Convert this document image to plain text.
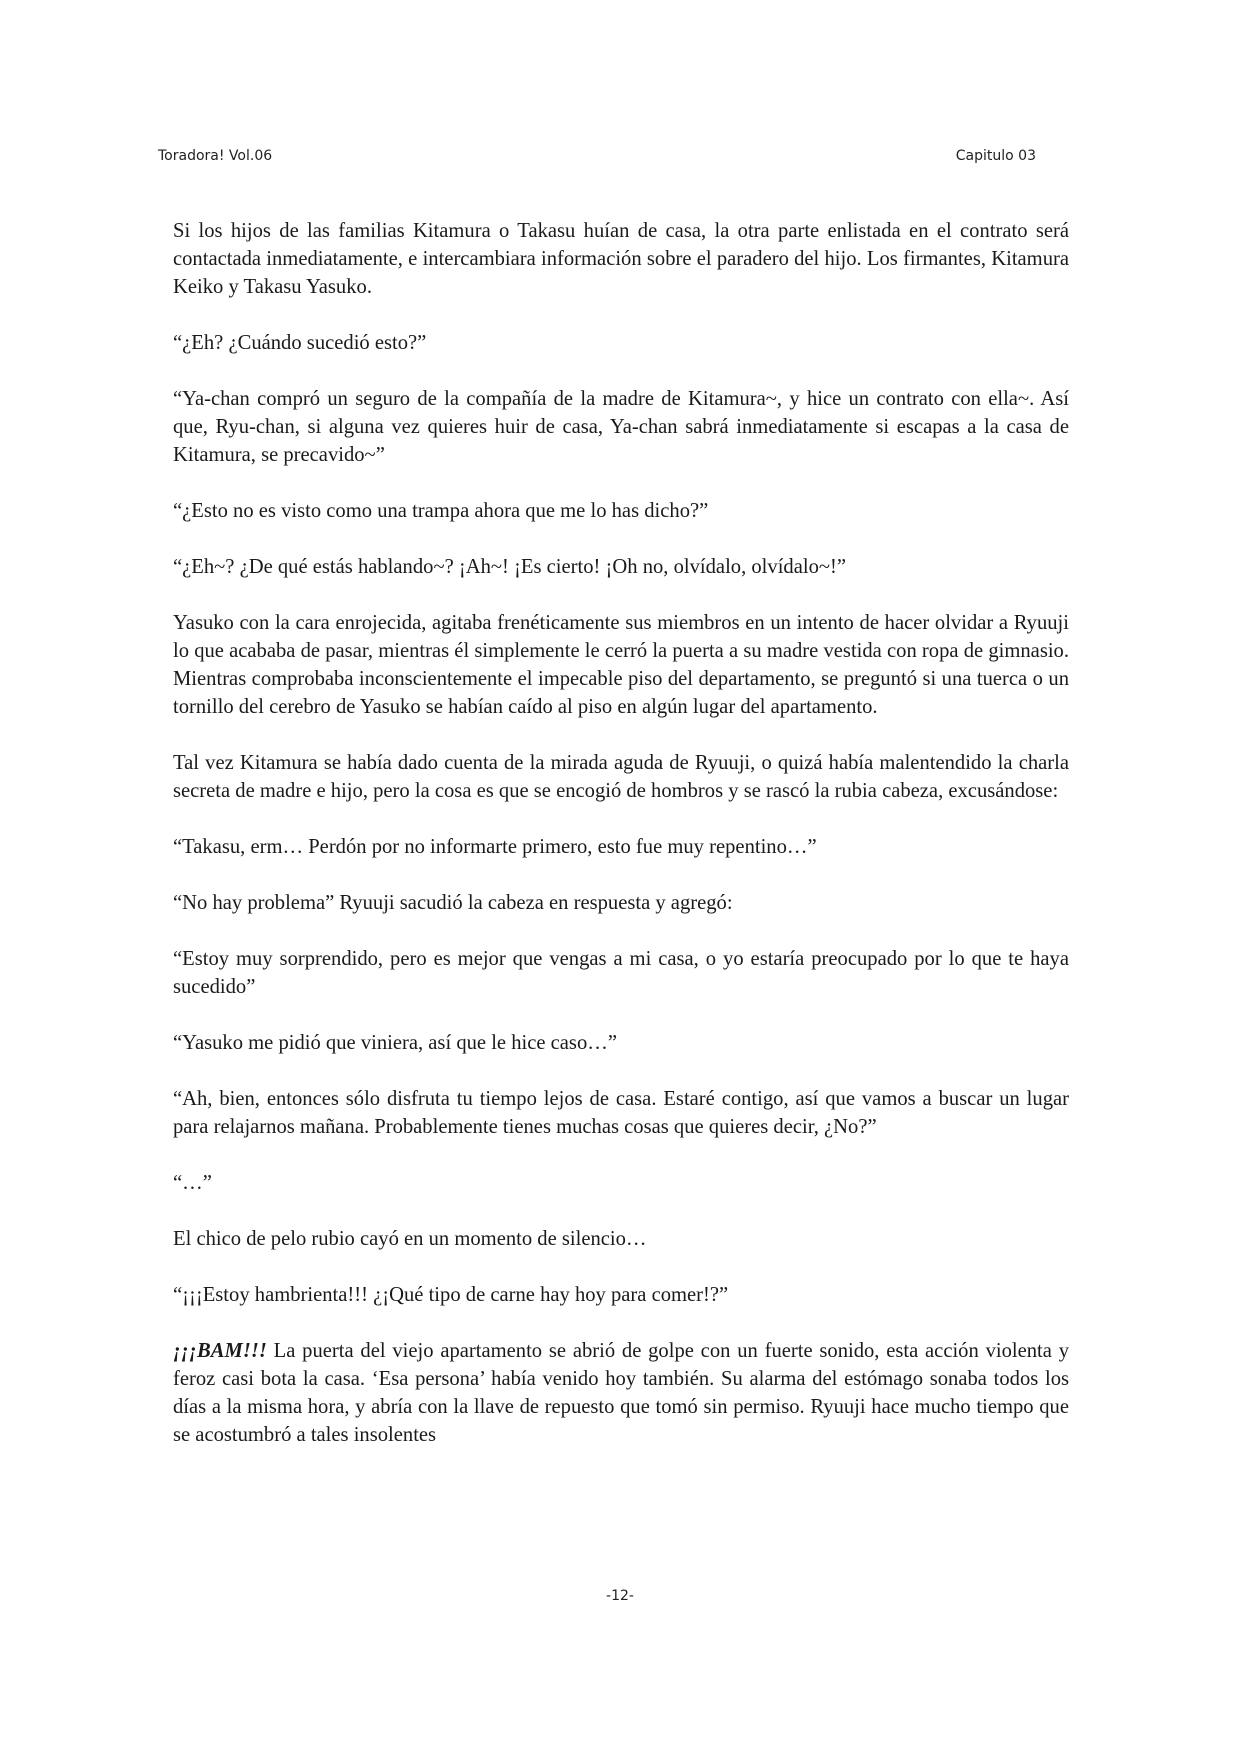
Toradora! Vol.06	Capitulo 03

Si los hijos de las familias Kitamura o Takasu huían de casa, la otra parte enlistada en el contrato será contactada inmediatamente, e intercambiara información sobre el paradero del hijo. Los firmantes, Kitamura Keiko y Takasu Yasuko.

“¿Eh? ¿Cuándo sucedió esto?”

“Ya-chan compró un seguro de la compañía de la madre de Kitamura~, y hice un contrato con ella~. Así que, Ryu-chan, si alguna vez quieres huir de casa, Ya-chan sabrá inmediatamente si escapas a la casa de Kitamura, se precavido~”

“¿Esto no es visto como una trampa ahora que me lo has dicho?”

“¿Eh~? ¿De qué estás hablando~? ¡Ah~! ¡Es cierto! ¡Oh no, olvídalo, olvídalo~!”

Yasuko con la cara enrojecida, agitaba frenéticamente sus miembros en un intento de hacer olvidar a Ryuuji lo que acababa de pasar, mientras él simplemente le cerró la puerta a su madre vestida con ropa de gimnasio. Mientras comprobaba inconscientemente el impecable piso del departamento, se preguntó si una tuerca o un tornillo del cerebro de Yasuko se habían caído al piso en algún lugar del apartamento.

Tal vez Kitamura se había dado cuenta de la mirada aguda de Ryuuji, o quizá había malentendido la charla secreta de madre e hijo, pero la cosa es que se encogió de hombros y se rascó la rubia cabeza, excusándose:

“Takasu, erm… Perdón por no informarte primero, esto fue muy repentino…”

“No hay problema” Ryuuji sacudió la cabeza en respuesta y agregó:

“Estoy muy sorprendido, pero es mejor que vengas a mi casa, o yo estaría preocupado por lo que te haya sucedido”

“Yasuko me pidió que viniera, así que le hice caso…”

“Ah, bien, entonces sólo disfruta tu tiempo lejos de casa. Estaré contigo, así que vamos a buscar un lugar para relajarnos mañana. Probablemente tienes muchas cosas que quieres decir, ¿No?”

“…”

El chico de pelo rubio cayó en un momento de silencio…

“¡¡¡Estoy hambrienta!!! ¿¡Qué tipo de carne hay hoy para comer!?”

¡¡¡BAM!!! La puerta del viejo apartamento se abrió de golpe con un fuerte sonido, esta acción violenta y feroz casi bota la casa. ‘Esa persona’ había venido hoy también. Su alarma del estómago sonaba todos los días a la misma hora, y abría con la llave de repuesto que tomó sin permiso. Ryuuji hace mucho tiempo que se acostumbró a tales insolentes

-12-
